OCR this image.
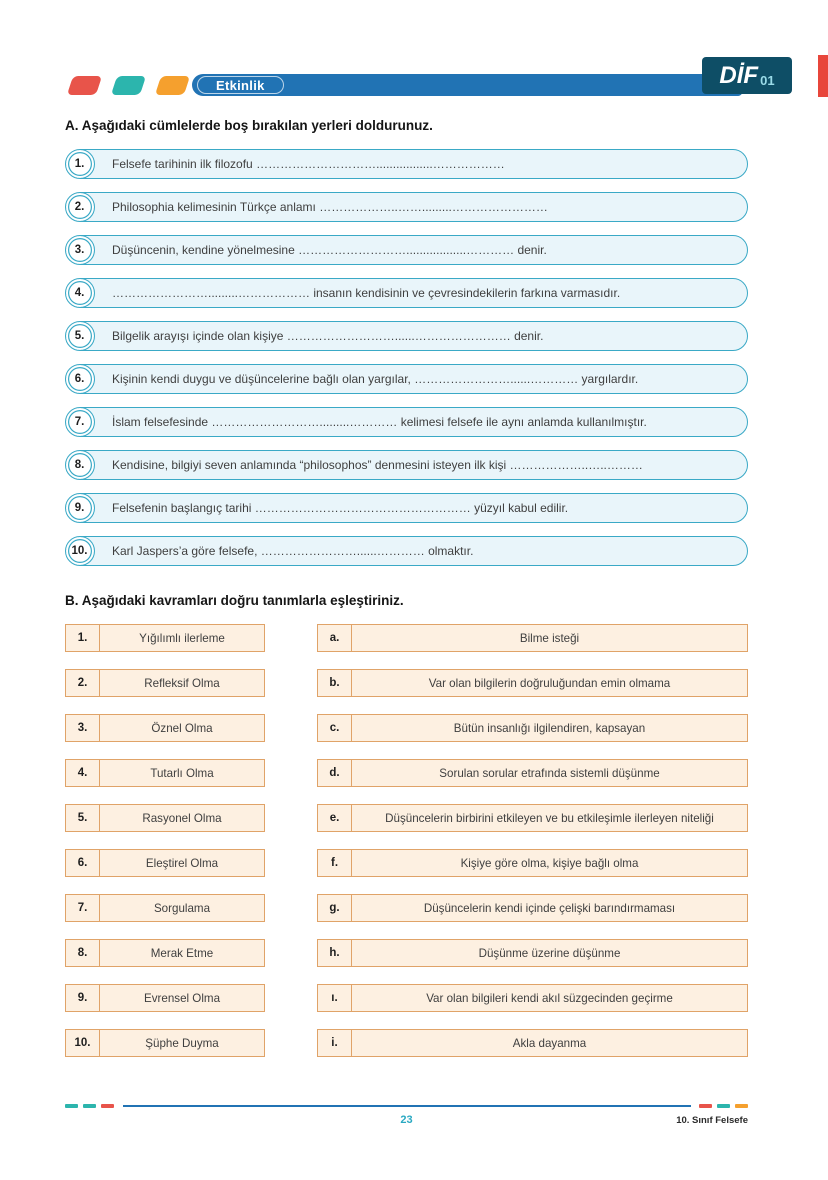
Etkinlik	DİF 01
A. Aşağıdaki cümlelerde boş bırakılan yerleri doldurunuz.
1.	Felsefe tarihinin ilk filozofu ………………………….................………………
2.	Philosophia kelimesinin Türkçe anlamı ………………..…….........……………………
3.	Düşüncenin, kendine yönelmesine ………………………..................………… denir.
4.	…………………….........……………… insanın kendisinin ve çevresindekilerin farkına varmasıdır.
5.	Bilgelik arayışı içinde olan kişiye ………………………......…………………… denir.
6.	Kişinin kendi duygu ve düşüncelerine bağlı olan yargılar, ……………………......………… yargılardır.
7.	İslam felsefesinde ……………………….........………… kelimesi felsefe ile aynı anlamda kullanılmıştır.
8.	Kendisine, bilgiyi seven anlamında “philosophos” denmesini isteyen ilk kişi ………………..…..………
9.	Felsefenin başlangıç tarihi ……………………………………………… yüzyıl kabul edilir.
10.	Karl Jaspers’a göre felsefe, ……………………......………… olmaktır.
B. Aşağıdaki kavramları doğru tanımlarla eşleştiriniz.
1.	Yığılımlı ilerleme
2.	Refleksif Olma
3.	Öznel Olma
4.	Tutarlı Olma
5.	Rasyonel Olma
6.	Eleştirel Olma
7.	Sorgulama
8.	Merak Etme
9.	Evrensel Olma
10.	Şüphe Duyma
a.	Bilme isteği
b.	Var olan bilgilerin doğruluğundan emin olmama
c.	Bütün insanlığı ilgilendiren, kapsayan
d.	Sorulan sorular etrafında sistemli düşünme
e.	Düşüncelerin birbirini etkileyen ve bu etkileşimle ilerleyen niteliği
f.	Kişiye göre olma, kişiye bağlı olma
g.	Düşüncelerin kendi içinde çelişki barındırmaması
h.	Düşünme üzerine düşünme
ı.	Var olan bilgileri kendi akıl süzgecinden geçirme
i.	Akla dayanma
23	10. Sınıf Felsefe
